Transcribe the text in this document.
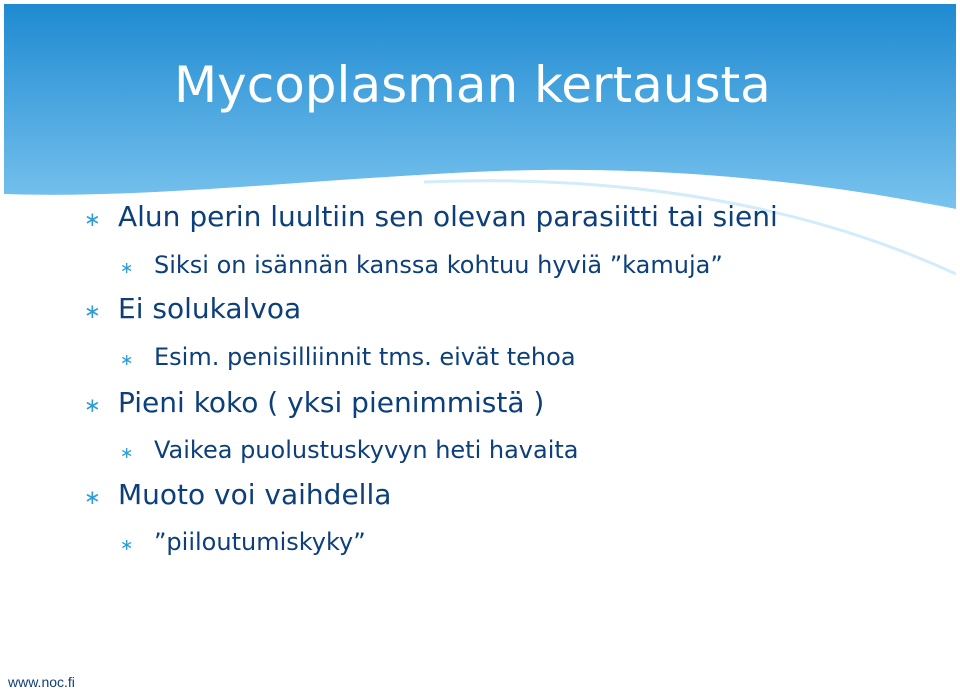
Mycoplasman kertausta
∗ Alun perin luultiin sen olevan parasiitti tai sieni
∗ Siksi on isännän kanssa kohtuu hyviä ”kamuja”
∗ Ei solukalvoa
∗ Esim. penisilliinnit tms. eivät tehoa
∗ Pieni koko ( yksi pienimmistä )
∗ Vaikea puolustuskyvyn heti havaita
∗ Muoto voi vaihdella
∗ ”piiloutumiskyky”
www.noc.fi
